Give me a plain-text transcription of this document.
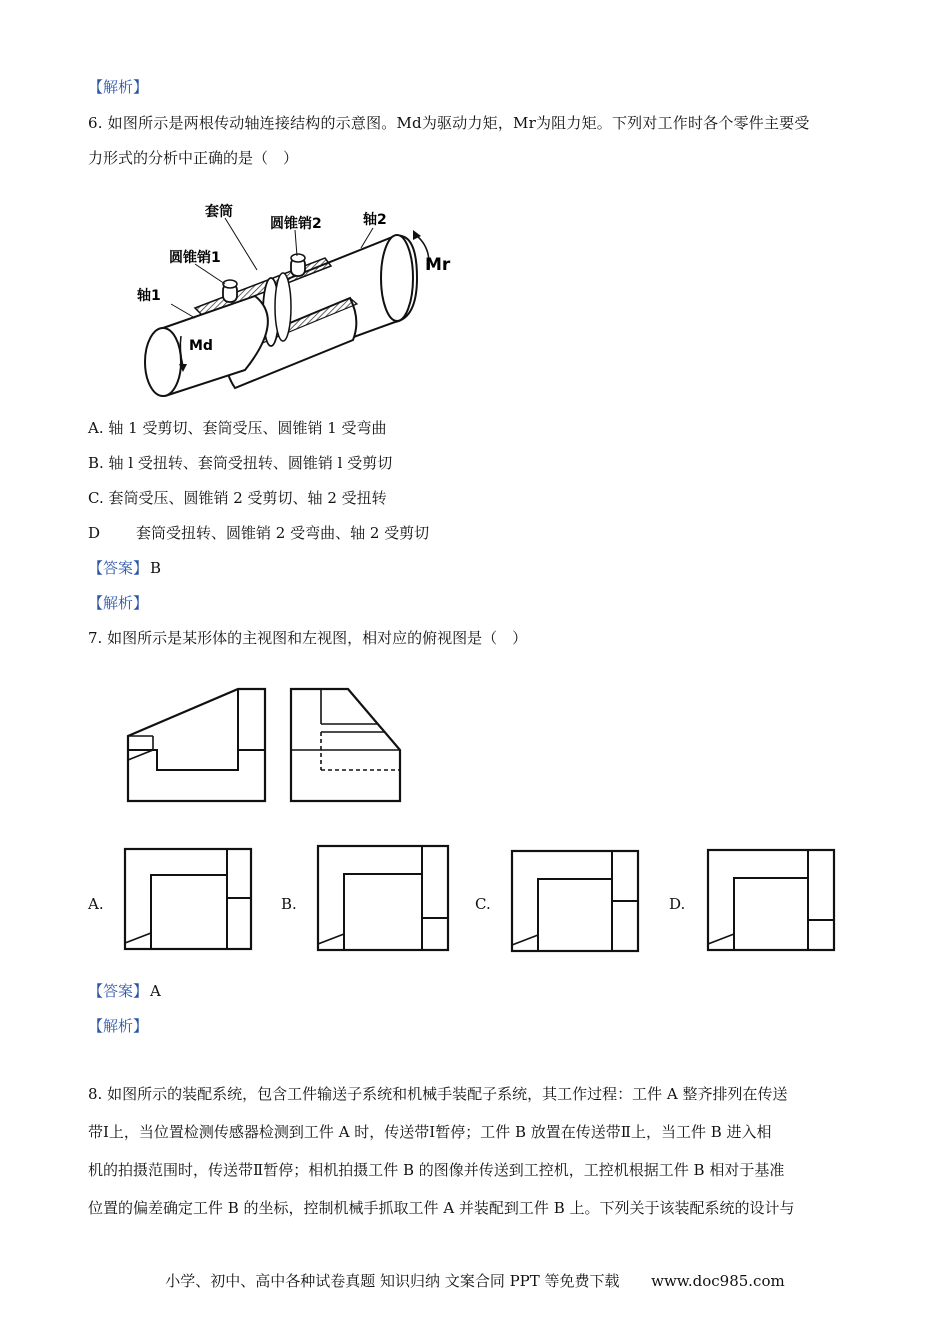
【解析】
6. 如图所示是两根传动轴连接结构的示意图。Md为驱动力矩，Mr为阻力矩。下列对工作时各个零件主要受
力形式的分析中正确的是（　）
套筒
圆锥销2	轴2
圆锥销1
轴1
Mr
Md
A. 轴 1 受剪切、套筒受压、圆锥销 1 受弯曲
B. 轴 l 受扭转、套筒受扭转、圆锥销 l 受剪切
C. 套筒受压、圆锥销 2 受剪切、轴 2 受扭转
D 套筒受扭转、圆锥销 2 受弯曲、轴 2 受剪切
【答案】 B
【解析】
7. 如图所示是某形体的主视图和左视图，相对应的俯视图是（　）
A.	B.	C.	D.
【答案】 A
【解析】
8. 如图所示的装配系统，包含工件输送子系统和机械手装配子系统，其工作过程：工件 A 整齐排列在传送
带Ⅰ上，当位置检测传感器检测到工件 A 时，传送带Ⅰ暂停；工件 B 放置在传送带Ⅱ上，当工件 B 进入相
机的拍摄范围时，传送带Ⅱ暂停；相机拍摄工件 B 的图像并传送到工控机，工控机根据工件 B 相对于基准
位置的偏差确定工件 B 的坐标，控制机械手抓取工件 A 并装配到工件 B 上。下列关于该装配系统的设计与
小学、初中、高中各种试卷真题 知识归纳 文案合同 PPT 等免费下载 www.doc985.com
